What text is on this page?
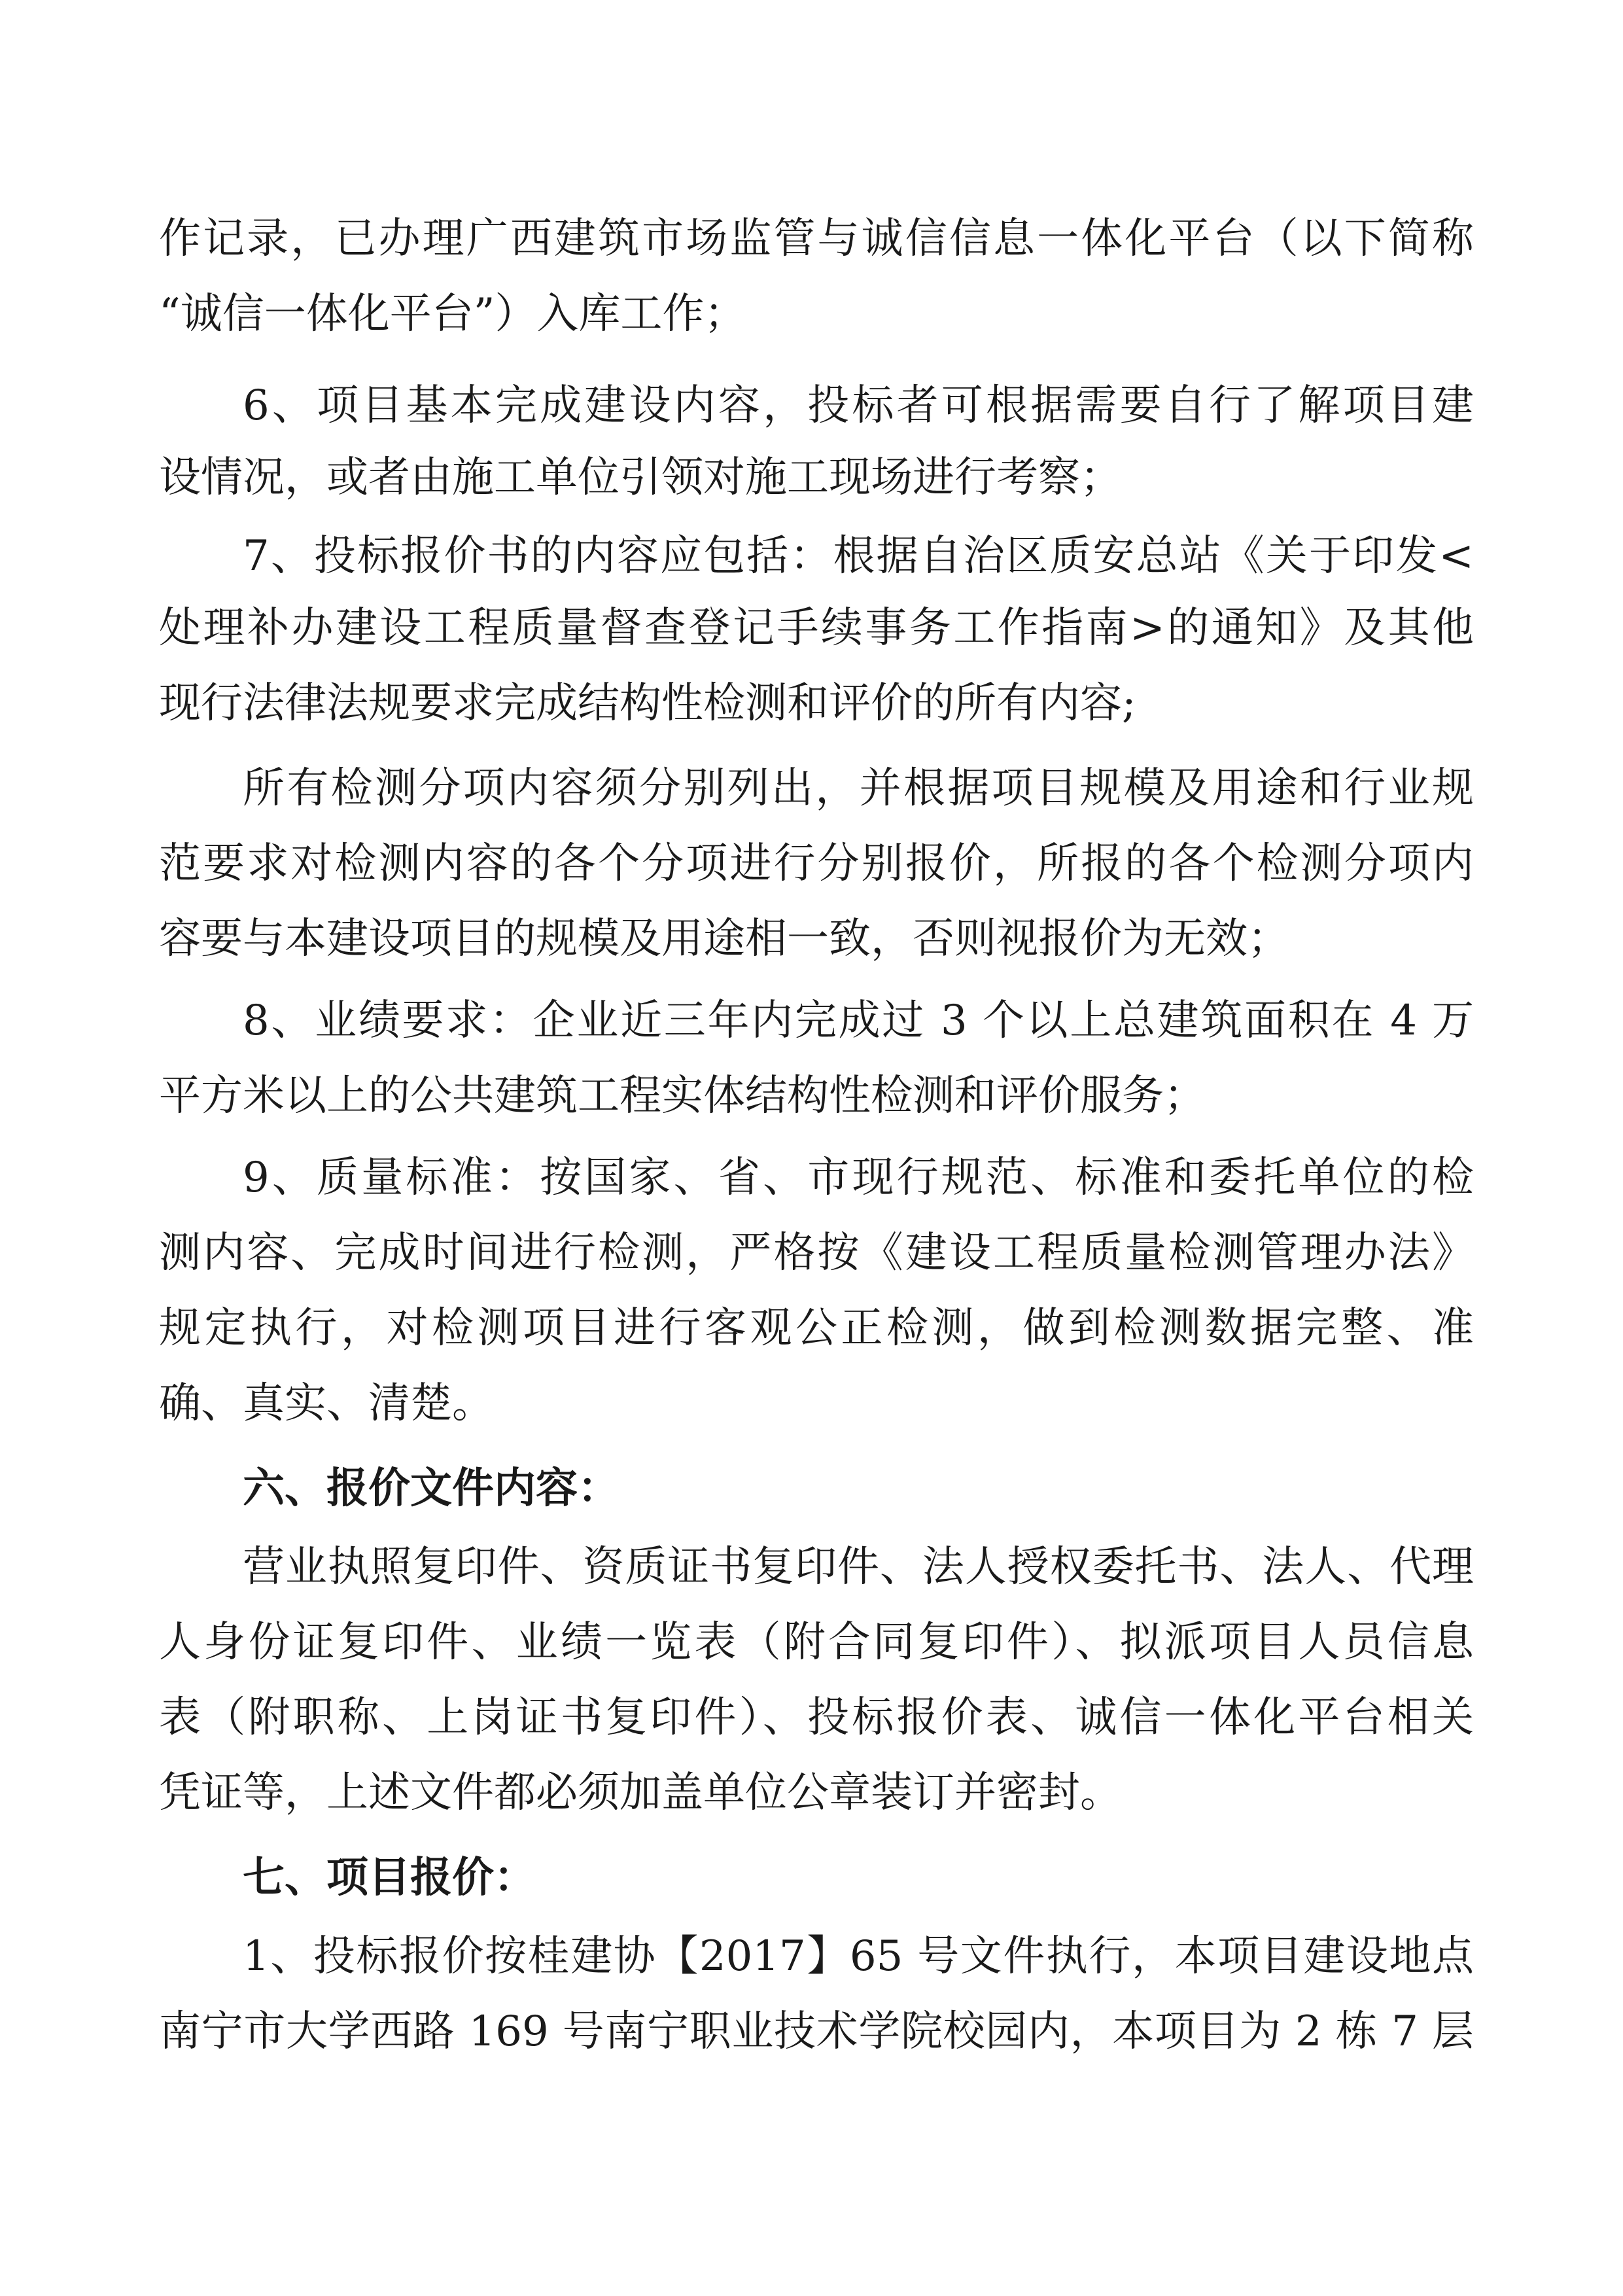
作记录，已办理广西建筑市场监管与诚信信息一体化平台（以下简称
“诚信一体化平台”）入库工作；
6、项目基本完成建设内容，投标者可根据需要自行了解项目建
设情况，或者由施工单位引领对施工现场进行考察；
7、投标报价书的内容应包括：根据自治区质安总站《关于印发<
处理补办建设工程质量督查登记手续事务工作指南>的通知》及其他
现行法律法规要求完成结构性检测和评价的所有内容;
所有检测分项内容须分别列出，并根据项目规模及用途和行业规
范要求对检测内容的各个分项进行分别报价，所报的各个检测分项内
容要与本建设项目的规模及用途相一致，否则视报价为无效；
8、业绩要求：企业近三年内完成过 3 个以上总建筑面积在 4 万
平方米以上的公共建筑工程实体结构性检测和评价服务；
9、质量标准：按国家、省、市现行规范、标准和委托单位的检
测内容、完成时间进行检测，严格按《建设工程质量检测管理办法》
规定执行，对检测项目进行客观公正检测，做到检测数据完整、准
确、真实、清楚。
六、报价文件内容：
营业执照复印件、资质证书复印件、法人授权委托书、法人、代理
人身份证复印件、业绩一览表（附合同复印件）、拟派项目人员信息
表（附职称、上岗证书复印件）、投标报价表、诚信一体化平台相关
凭证等，上述文件都必须加盖单位公章装订并密封。
七、项目报价：
1、投标报价按桂建协【2017】65 号文件执行，本项目建设地点
南宁市大学西路 169 号南宁职业技术学院校园内，本项目为 2 栋 7 层
